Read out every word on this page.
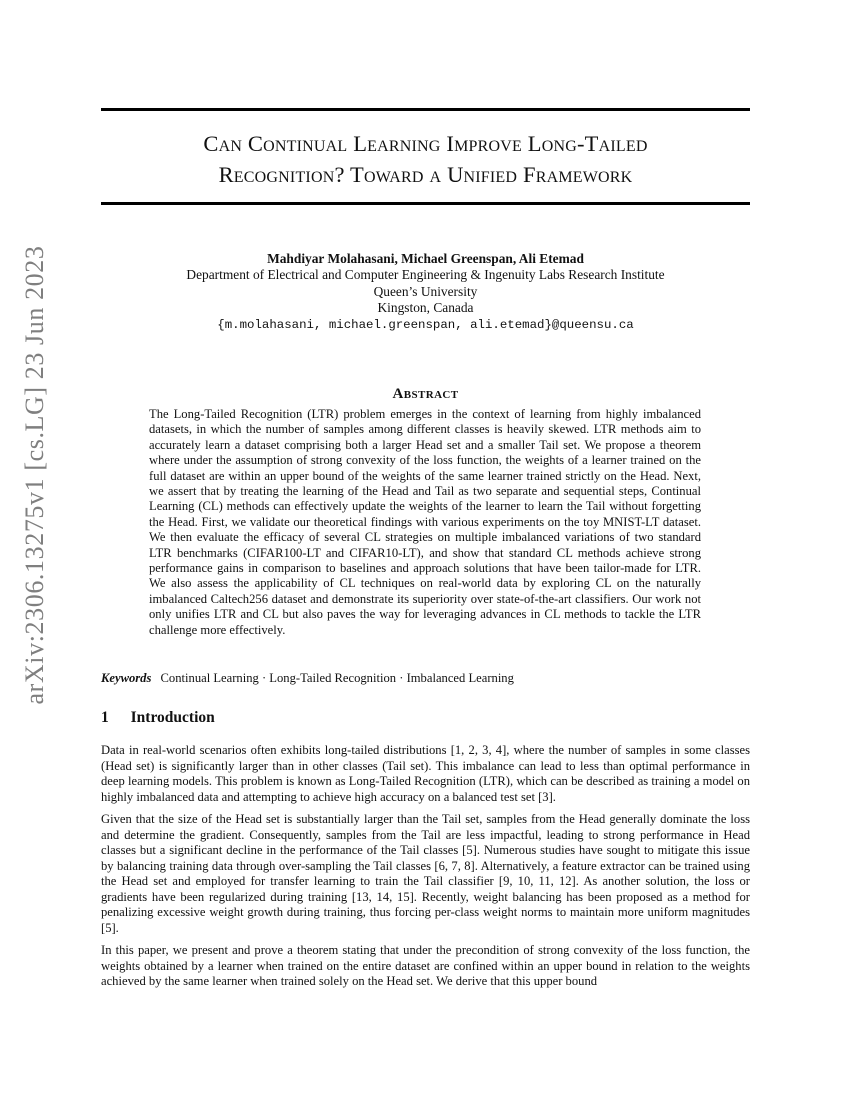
arXiv:2306.13275v1 [cs.LG] 23 Jun 2023
Can Continual Learning Improve Long-Tailed
Recognition? Toward a Unified Framework
Mahdiyar Molahasani, Michael Greenspan, Ali Etemad
Department of Electrical and Computer Engineering & Ingenuity Labs Research Institute
Queen’s University
Kingston, Canada
{m.molahasani, michael.greenspan, ali.etemad}@queensu.ca
Abstract

The Long-Tailed Recognition (LTR) problem emerges in the context of learning from highly imbalanced datasets, in which the number of samples among different classes is heavily skewed. LTR methods aim to accurately learn a dataset comprising both a larger Head set and a smaller Tail set. We propose a theorem where under the assumption of strong convexity of the loss function, the weights of a learner trained on the full dataset are within an upper bound of the weights of the same learner trained strictly on the Head. Next, we assert that by treating the learning of the Head and Tail as two separate and sequential steps, Continual Learning (CL) methods can effectively update the weights of the learner to learn the Tail without forgetting the Head. First, we validate our theoretical findings with various experiments on the toy MNIST-LT dataset. We then evaluate the efficacy of several CL strategies on multiple imbalanced variations of two standard LTR benchmarks (CIFAR100-LT and CIFAR10-LT), and show that standard CL methods achieve strong performance gains in comparison to baselines and approach solutions that have been tailor-made for LTR. We also assess the applicability of CL techniques on real-world data by exploring CL on the naturally imbalanced Caltech256 dataset and demonstrate its superiority over state-of-the-art classifiers. Our work not only unifies LTR and CL but also paves the way for leveraging advances in CL methods to tackle the LTR challenge more effectively.

Keywords Continual Learning · Long-Tailed Recognition · Imbalanced Learning

1 Introduction

Data in real-world scenarios often exhibits long-tailed distributions [1, 2, 3, 4], where the number of samples in some classes (Head set) is significantly larger than in other classes (Tail set). This imbalance can lead to less than optimal performance in deep learning models. This problem is known as Long-Tailed Recognition (LTR), which can be described as training a model on highly imbalanced data and attempting to achieve high accuracy on a balanced test set [3].

Given that the size of the Head set is substantially larger than the Tail set, samples from the Head generally dominate the loss and determine the gradient. Consequently, samples from the Tail are less impactful, leading to strong performance in Head classes but a significant decline in the performance of the Tail classes [5]. Numerous studies have sought to mitigate this issue by balancing training data through over-sampling the Tail classes [6, 7, 8]. Alternatively, a feature extractor can be trained using the Head set and employed for transfer learning to train the Tail classifier [9, 10, 11, 12]. As another solution, the loss or gradients have been regularized during training [13, 14, 15]. Recently, weight balancing has been proposed as a method for penalizing excessive weight growth during training, thus forcing per-class weight norms to maintain more uniform magnitudes [5].

In this paper, we present and prove a theorem stating that under the precondition of strong convexity of the loss function, the weights obtained by a learner when trained on the entire dataset are confined within an upper bound in relation to the weights achieved by the same learner when trained solely on the Head set. We derive that this upper bound
